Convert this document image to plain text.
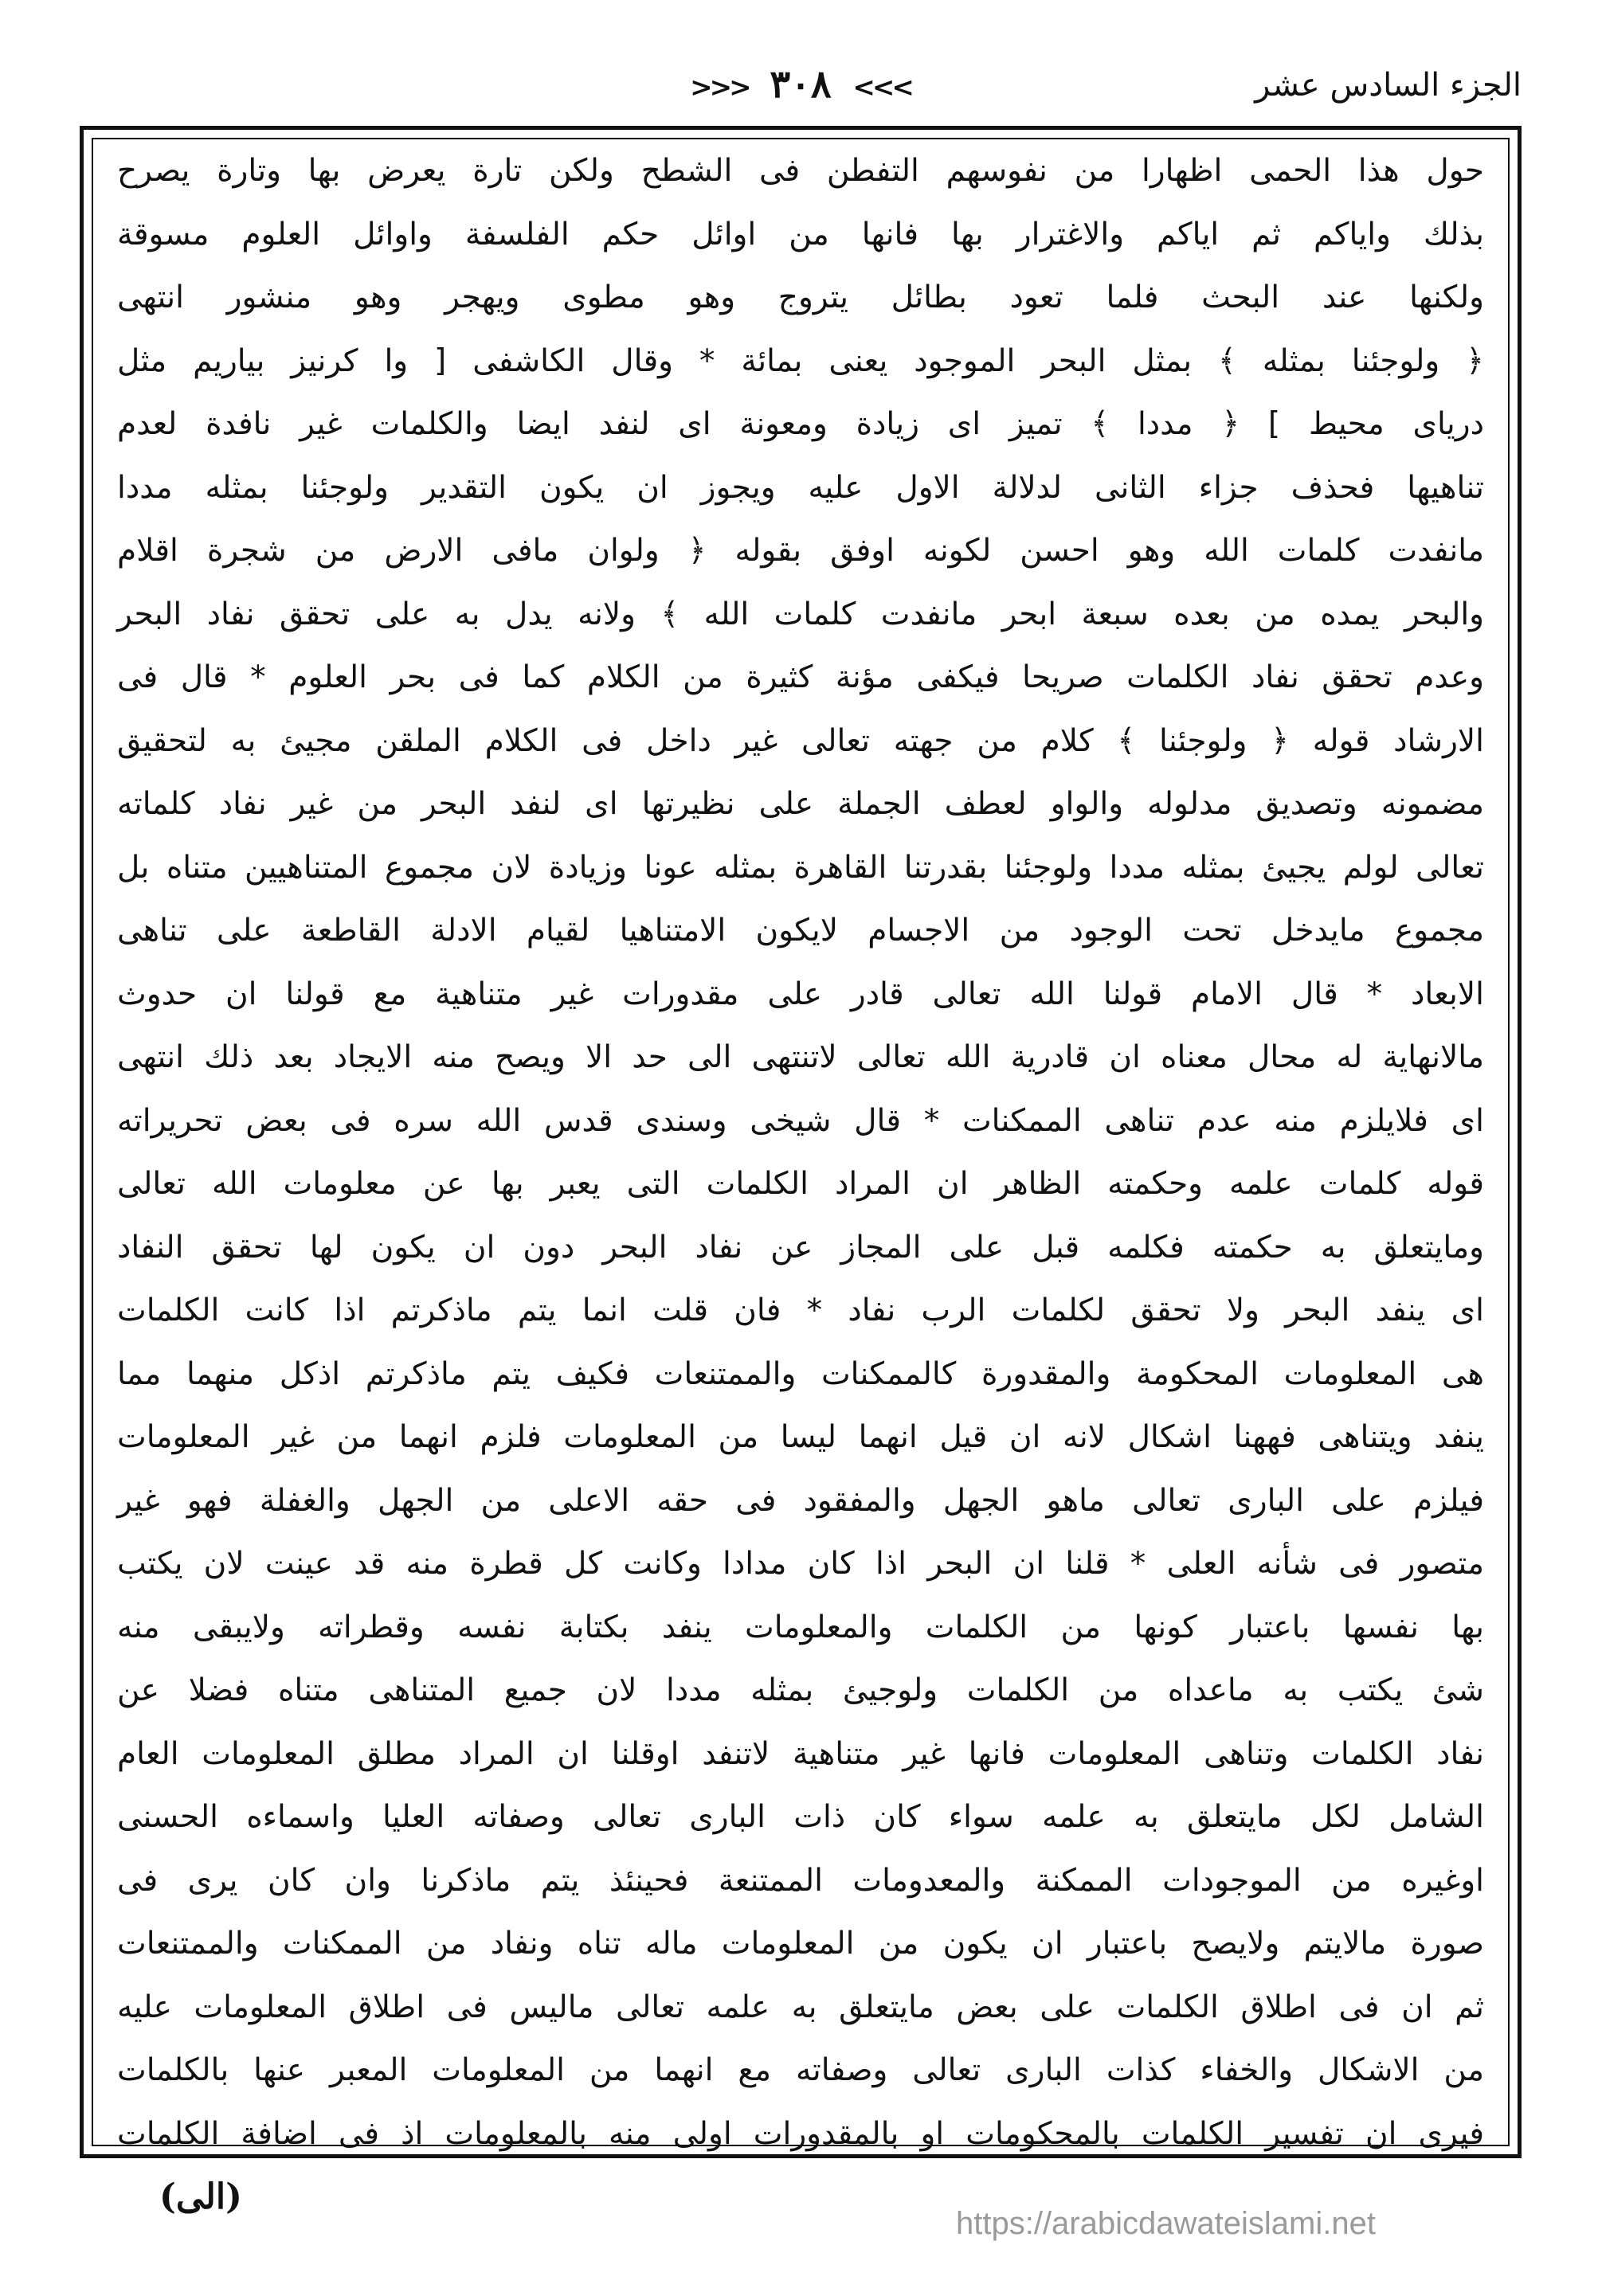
الجزء السادس عشر
>>> ٣٠٨ <<<
حول هذا الحمى اظهارا من نفوسهم التفطن فى الشطح ولكن تارة يعرض بها وتارة يصرح
بذلك واياكم ثم اياكم والاغترار بها فانها من اوائل حكم الفلسفة واوائل العلوم مسوقة
ولكنها عند البحث فلما تعود بطائل يتروج وهو مطوى ويهجر وهو منشور انتهى
﴿ ولوجئنا بمثله ﴾ بمثل البحر الموجود يعنى بمائة * وقال الكاشفى [ وا كرنيز بياريم مثل
درياى محيط ] ﴿ مددا ﴾ تميز اى زيادة ومعونة اى لنفد ايضا والكلمات غير نافدة لعدم
تناهيها فحذف جزاء الثانى لدلالة الاول عليه ويجوز ان يكون التقدير ولوجئنا بمثله مددا
مانفدت كلمات الله وهو احسن لكونه اوفق بقوله ﴿ ولوان مافى الارض من شجرة اقلام
والبحر يمده من بعده سبعة ابحر مانفدت كلمات الله ﴾ ولانه يدل به على تحقق نفاد البحر
وعدم تحقق نفاد الكلمات صريحا فيكفى مؤنة كثيرة من الكلام كما فى بحر العلوم * قال فى
الارشاد قوله ﴿ ولوجئنا ﴾ كلام من جهته تعالى غير داخل فى الكلام الملقن مجيئ به لتحقيق
مضمونه وتصديق مدلوله والواو لعطف الجملة على نظيرتها اى لنفد البحر من غير نفاد كلماته
تعالى لولم يجيئ بمثله مددا ولوجئنا بقدرتنا القاهرة بمثله عونا وزيادة لان مجموع المتناهيين متناه بل
مجموع مايدخل تحت الوجود من الاجسام لايكون الامتناهيا لقيام الادلة القاطعة على تناهى
الابعاد * قال الامام قولنا الله تعالى قادر على مقدورات غير متناهية مع قولنا ان حدوث
مالانهاية له محال معناه ان قادرية الله تعالى لاتنتهى الى حد الا ويصح منه الايجاد بعد ذلك انتهى
اى فلايلزم منه عدم تناهى الممكنات * قال شيخى وسندى قدس الله سره فى بعض تحريراته
قوله كلمات علمه وحكمته الظاهر ان المراد الكلمات التى يعبر بها عن معلومات الله تعالى
ومايتعلق به حكمته فكلمه قبل على المجاز عن نفاد البحر دون ان يكون لها تحقق النفاد
اى ينفد البحر ولا تحقق لكلمات الرب نفاد * فان قلت انما يتم ماذكرتم اذا كانت الكلمات
هى المعلومات المحكومة والمقدورة كالممكنات والممتنعات فكيف يتم ماذكرتم اذكل منهما مما
ينفد ويتناهى فههنا اشكال لانه ان قيل انهما ليسا من المعلومات فلزم انهما من غير المعلومات
فيلزم على البارى تعالى ماهو الجهل والمفقود فى حقه الاعلى من الجهل والغفلة فهو غير
متصور فى شأنه العلى * قلنا ان البحر اذا كان مدادا وكانت كل قطرة منه قد عينت لان يكتب
بها نفسها باعتبار كونها من الكلمات والمعلومات ينفد بكتابة نفسه وقطراته ولايبقى منه
شئ يكتب به ماعداه من الكلمات ولوجيئ بمثله مددا لان جميع المتناهى متناه فضلا عن
نفاد الكلمات وتناهى المعلومات فانها غير متناهية لاتنفد اوقلنا ان المراد مطلق المعلومات العام
الشامل لكل مايتعلق به علمه سواء كان ذات البارى تعالى وصفاته العليا واسماءه الحسنى
اوغيره من الموجودات الممكنة والمعدومات الممتنعة فحينئذ يتم ماذكرنا وان كان يرى فى
صورة مالايتم ولايصح باعتبار ان يكون من المعلومات ماله تناه ونفاد من الممكنات والممتنعات
ثم ان فى اطلاق الكلمات على بعض مايتعلق به علمه تعالى ماليس فى اطلاق المعلومات عليه
من الاشكال والخفاء كذات البارى تعالى وصفاته مع انهما من المعلومات المعبر عنها بالكلمات
فيرى ان تفسير الكلمات بالمحكومات او بالمقدورات اولى منه بالمعلومات اذ فى اضافة الكلمات
(الى)
https://arabicdawateislami.net
